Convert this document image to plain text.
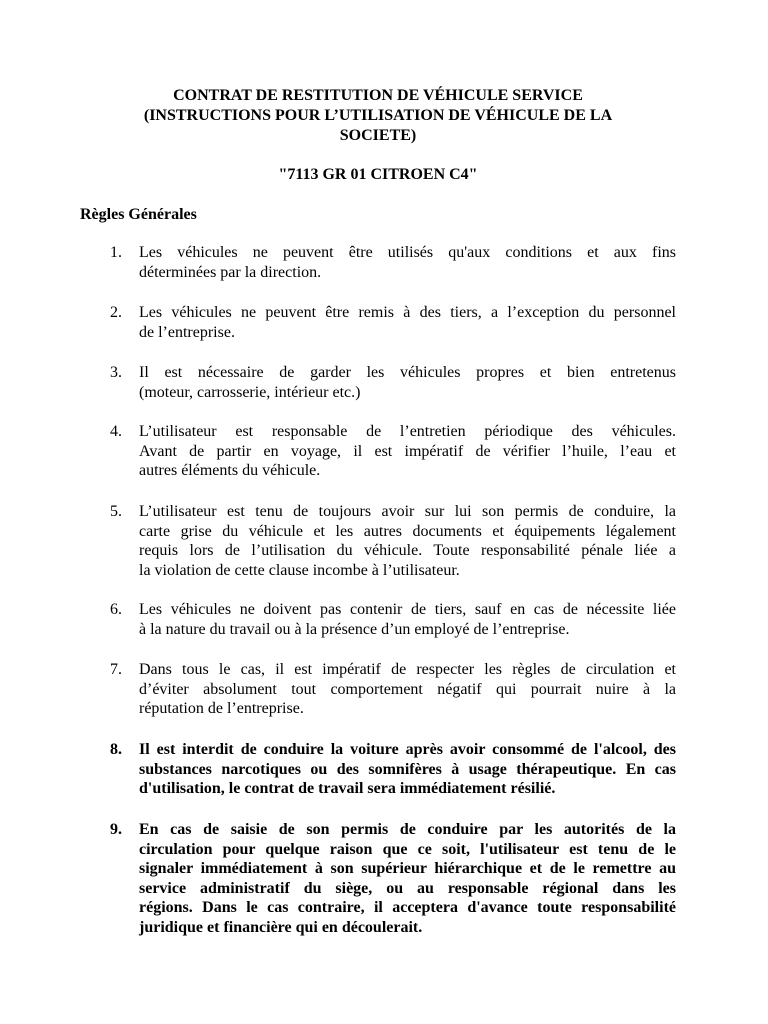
CONTRAT DE RESTITUTION DE VÉHICULE SERVICE
(INSTRUCTIONS POUR L’UTILISATION DE VÉHICULE DE LA
SOCIETE)
"7113 GR 01 CITROEN C4"
Règles Générales
1.	Les véhicules ne peuvent être utilisés qu'aux conditions et aux fins
déterminées par la direction.
2.	Les véhicules ne peuvent être remis à des tiers, a l’exception du personnel
de l’entreprise.
3.	Il est nécessaire de garder les véhicules propres et bien entretenus
(moteur, carrosserie, intérieur etc.)
4.	L’utilisateur est responsable de l’entretien périodique des véhicules.
Avant de partir en voyage, il est impératif de vérifier l’huile, l’eau et
autres éléments du véhicule.
5.	L’utilisateur est tenu de toujours avoir sur lui son permis de conduire, la
carte grise du véhicule et les autres documents et équipements légalement
requis lors de l’utilisation du véhicule. Toute responsabilité pénale liée a
la violation de cette clause incombe à l’utilisateur.
6.	Les véhicules ne doivent pas contenir de tiers, sauf en cas de nécessite liée
à la nature du travail ou à la présence d’un employé de l’entreprise.
7.	Dans tous le cas, il est impératif de respecter les règles de circulation et
d’éviter absolument tout comportement négatif qui pourrait nuire à la
réputation de l’entreprise.
8.	Il est interdit de conduire la voiture après avoir consommé de l'alcool, des
substances narcotiques ou des somnifères à usage thérapeutique. En cas
d'utilisation, le contrat de travail sera immédiatement résilié.
9.	En cas de saisie de son permis de conduire par les autorités de la
circulation pour quelque raison que ce soit, l'utilisateur est tenu de le
signaler immédiatement à son supérieur hiérarchique et de le remettre au
service administratif du siège, ou au responsable régional dans les
régions. Dans le cas contraire, il acceptera d'avance toute responsabilité
juridique et financière qui en découlerait.
